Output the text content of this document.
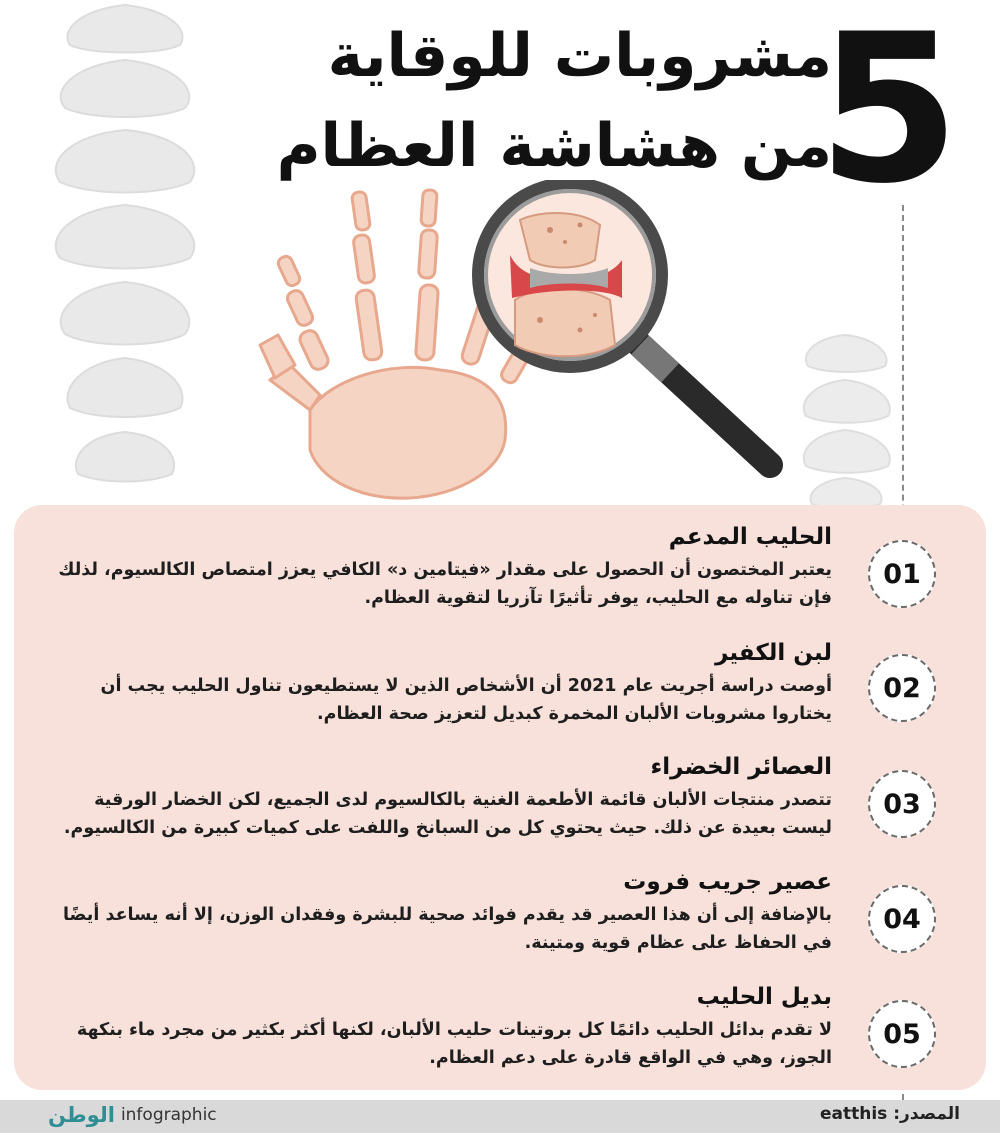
5
مشروبات للوقاية
من هشاشة العظام
الحليب المدعم
يعتبر المختصون أن الحصول على مقدار «فيتامين د» الكافي يعزز امتصاص الكالسيوم، لذلك فإن تناوله مع الحليب، يوفر تأثيرًا تآزريا لتقوية العظام.
01
لبن الكفير
أوصت دراسة أجريت عام 2021 أن الأشخاص الذين لا يستطيعون تناول الحليب يجب أن يختاروا مشروبات الألبان المخمرة كبديل لتعزيز صحة العظام.
02
العصائر الخضراء
تتصدر منتجات الألبان قائمة الأطعمة الغنية بالكالسيوم لدى الجميع، لكن الخضار الورقية ليست بعيدة عن ذلك. حيث يحتوي كل من السبانخ واللفت على كميات كبيرة من الكالسيوم.
03
عصير جريب فروت
بالإضافة إلى أن هذا العصير قد يقدم فوائد صحية للبشرة وفقدان الوزن، إلا أنه يساعد أيضًا في الحفاظ على عظام قوية ومتينة.
04
بديل الحليب
لا تقدم بدائل الحليب دائمًا كل بروتينات حليب الألبان، لكنها أكثر بكثير من مجرد ماء بنكهة الجوز، وهي في الواقع قادرة على دعم العظام.
05
الوطن infographic	المصدر: eatthis
